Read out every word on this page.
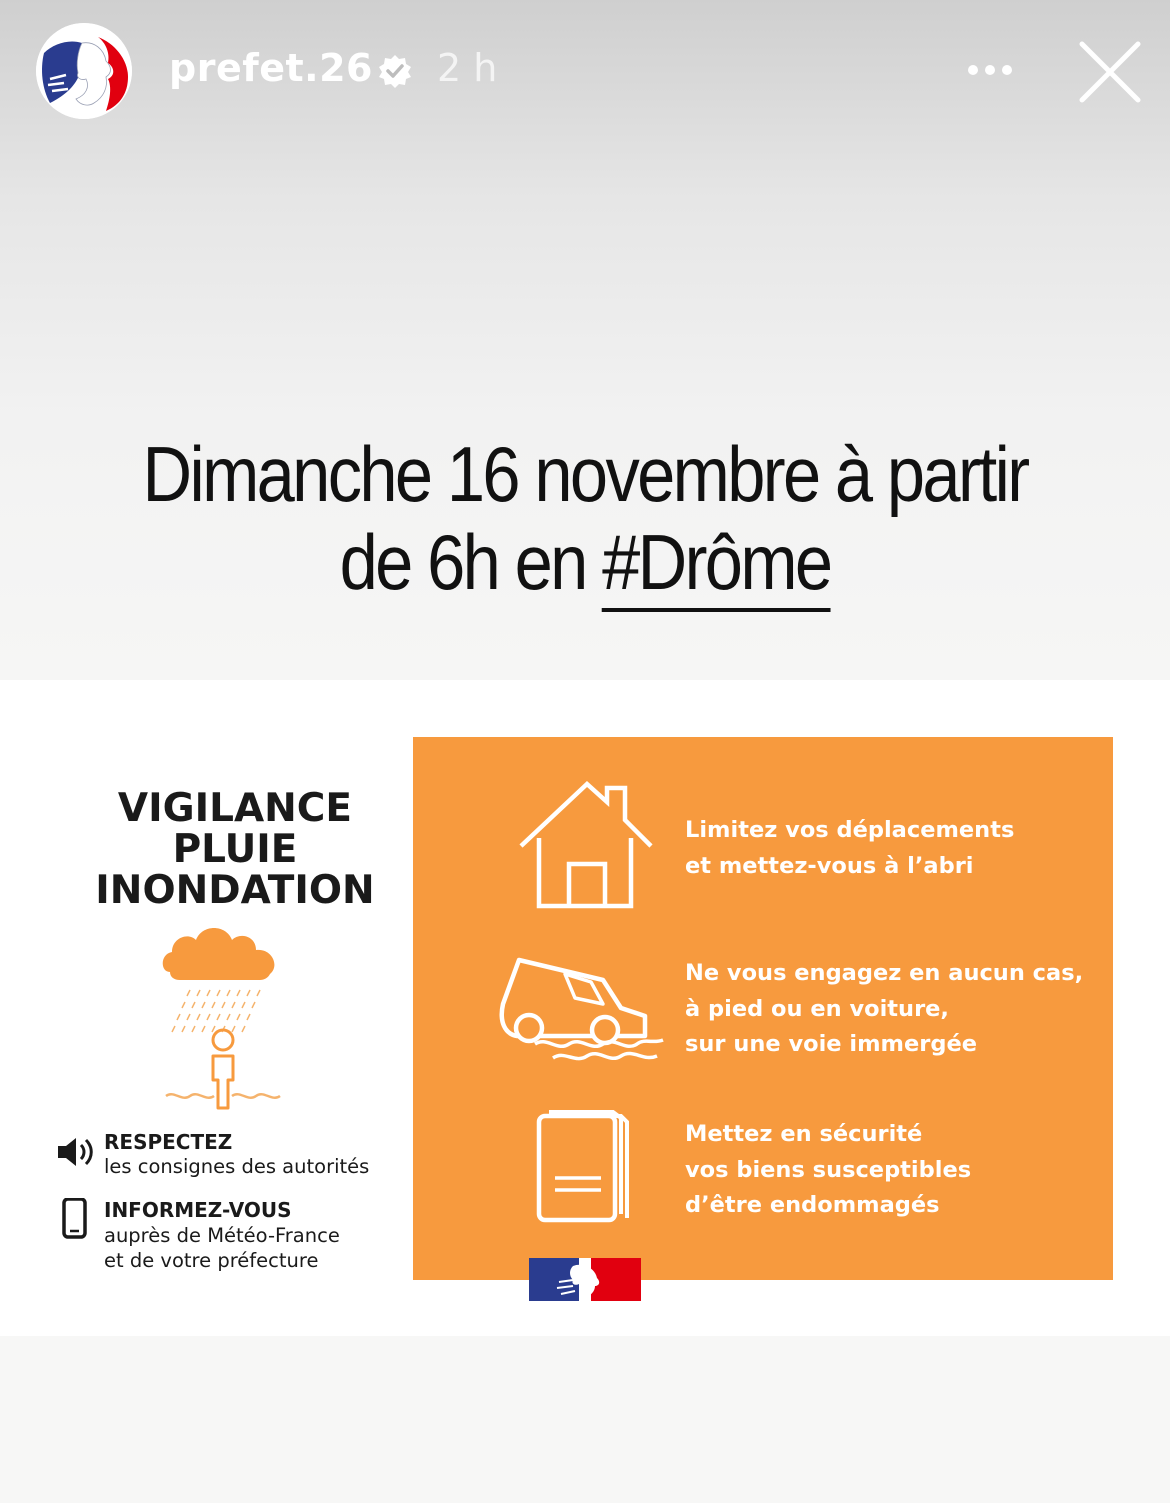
prefet.26 2 h
Dimanche 16 novembre à partir
de 6h en #Drôme
VIGILANCE
PLUIE
INONDATION
RESPECTEZ
les consignes des autorités
INFORMEZ-VOUS
auprès de Météo-France
et de votre préfecture
Limitez vos déplacements
et mettez-vous à l’abri
Ne vous engagez en aucun cas,
à pied ou en voiture,
sur une voie immergée
Mettez en sécurité
vos biens susceptibles
d’être endommagés
